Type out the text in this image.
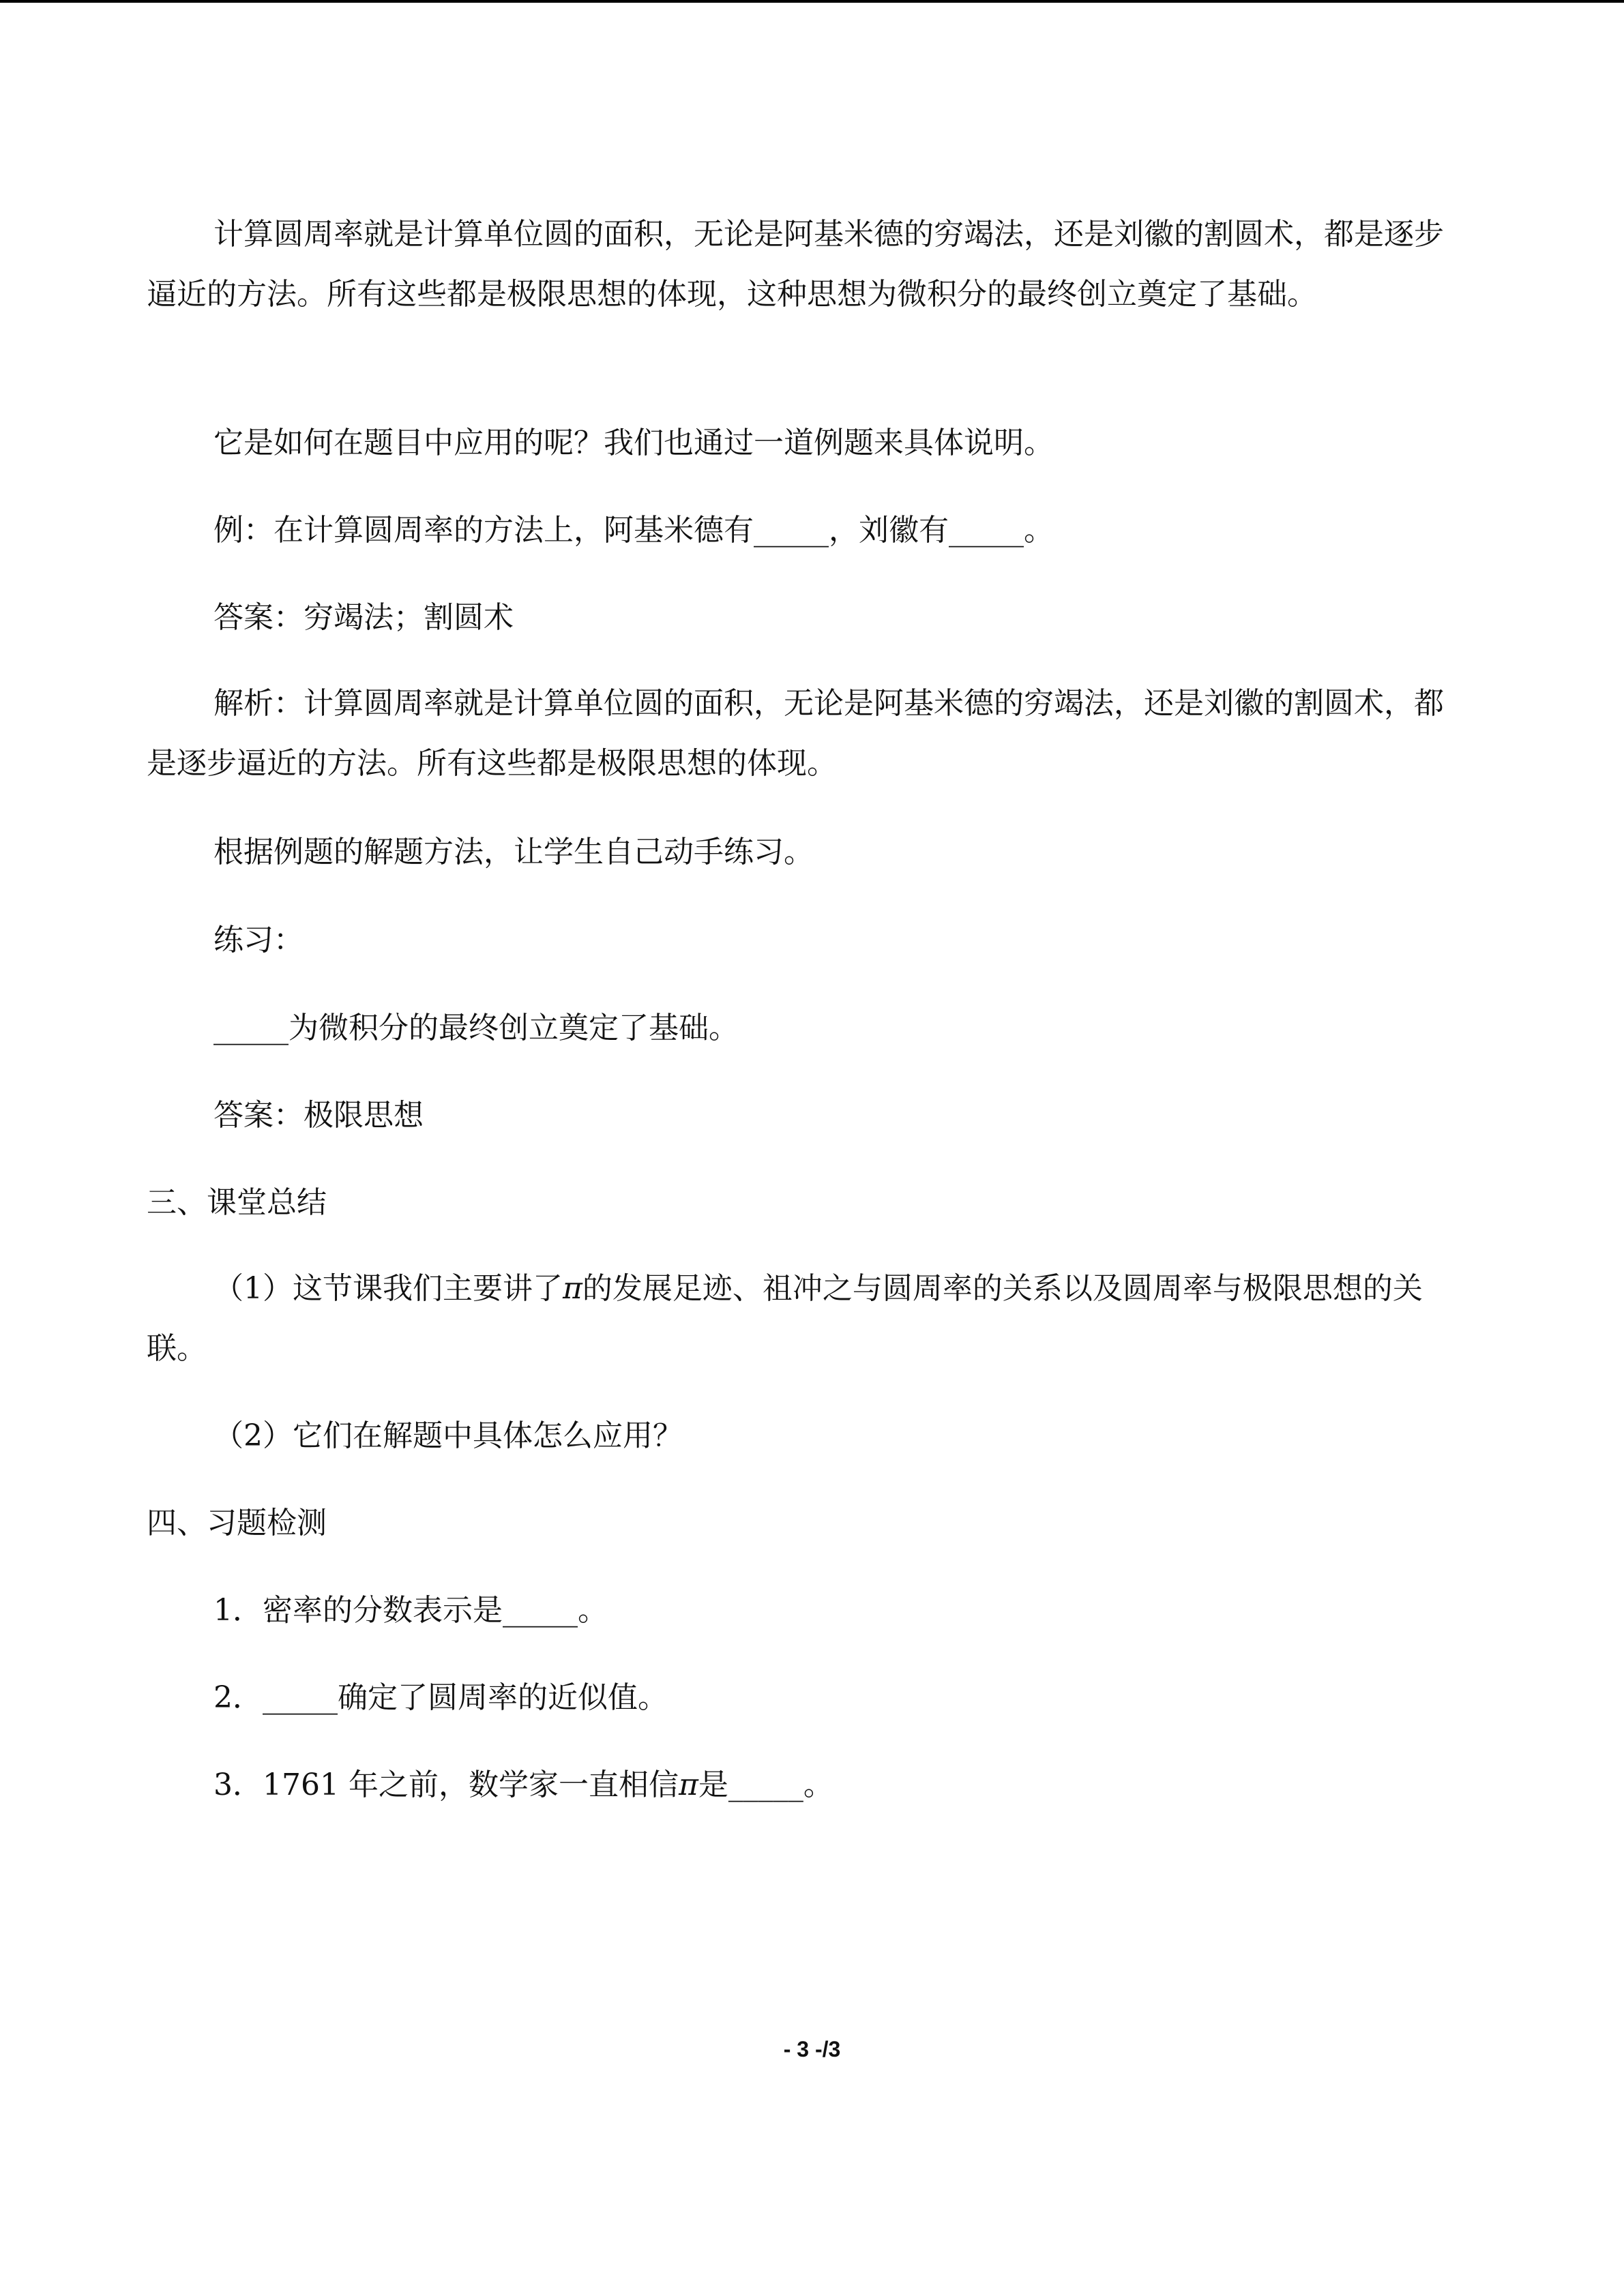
计算圆周率就是计算单位圆的面积，无论是阿基米德的穷竭法，还是刘徽的割圆术，都是逐步逼近的方法。所有这些都是极限思想的体现，这种思想为微积分的最终创立奠定了基础。

它是如何在题目中应用的呢？我们也通过一道例题来具体说明。

例：在计算圆周率的方法上，阿基米德有_____，刘徽有_____。

答案：穷竭法；割圆术

解析：计算圆周率就是计算单位圆的面积，无论是阿基米德的穷竭法，还是刘徽的割圆术，都是逐步逼近的方法。所有这些都是极限思想的体现。

根据例题的解题方法，让学生自己动手练习。

练习：

_____为微积分的最终创立奠定了基础。

答案：极限思想

三、课堂总结

（1）这节课我们主要讲了π的发展足迹、祖冲之与圆周率的关系以及圆周率与极限思想的关联。

（2）它们在解题中具体怎么应用？

四、习题检测

1．密率的分数表示是_____。

2．_____确定了圆周率的近似值。

3．1761 年之前，数学家一直相信π是_____。

- 3 -/3
